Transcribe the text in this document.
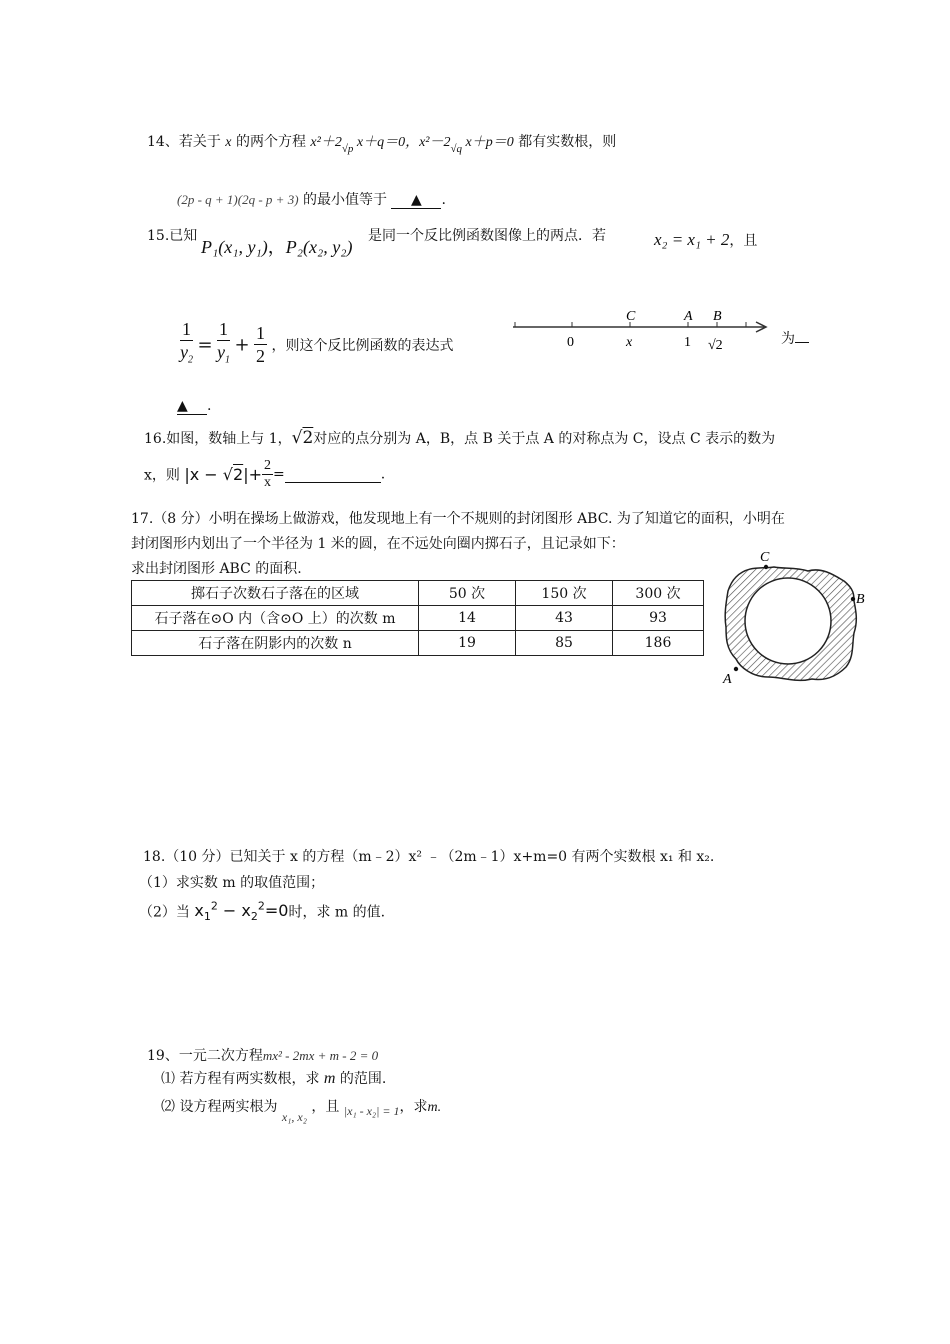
14、若关于 x 的两个方程 $x^2+2_{√p}$ x＋q＝0，$x^2-2_{√q}$ x＋p＝0 都有实数根，则
(2p - q + 1)(2q - p + 3) 的最小值等于 ▲ .
15.已知
P₁(x₁, y₁)，P₂(x₂, y₂)
是同一个反比例函数图像上的两点．若	x₂ = x₁ + 2，且
$\frac{1}{y_2} = \frac{1}{y_1} + \frac{1}{2}$ ，则这个反比例函数的表达式
C	A B
0	x	1 √2	为
▲ .
16.如图，数轴上与 1，√2对应的点分别为 A，B，点 B 关于点 A 的对称点为 C，设点 C 表示的数为
x，则 $|x - √2|+ \frac{2}{x}$ =	.
17.（8 分）小明在操场上做游戏，他发现地上有一个不规则的封闭图形 ABC. 为了知道它的面积，小明在
封闭图形内划出了一个半径为 1 米的圆，在不远处向圈内掷石子，且记录如下：
求出封闭图形 ABC 的面积.
掷石子次数石子落在的区域	50 次	150 次	300 次
石子落在⊙O 内（含⊙O 上）的次数 m	14	43	93
石子落在阴影内的次数 n	19	85	186
C
B
A
18.（10 分）已知关于 x 的方程（m﹣2）x² ﹣（2m﹣1）x+m=0 有两个实数根 x₁ 和 x₂.
（1）求实数 m 的取值范围；
（2）当 $x_1^2 - x_2^2=0$时，求 m 的值.
19、一元二次方程mx² - 2mx + m - 2 = 0
⑴ 若方程有两实数根，求 m 的范围.
⑵ 设方程两实根为 x₁, x₂ ，且 |x₁ - x₂| = 1，求m.
